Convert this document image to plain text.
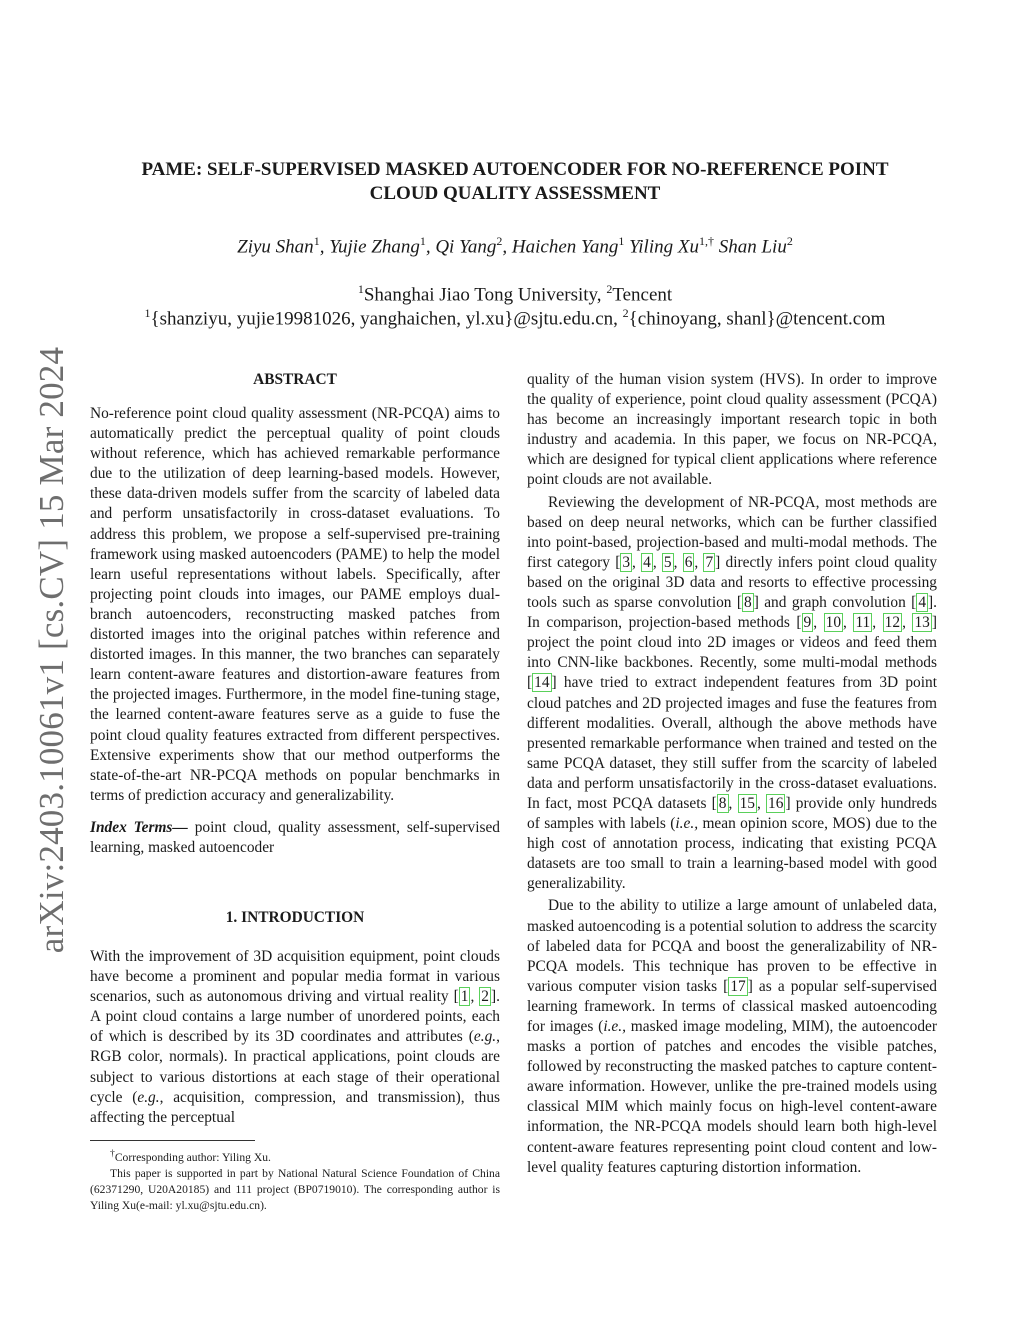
arXiv:2403.10061v1 [cs.CV] 15 Mar 2024
PAME: SELF-SUPERVISED MASKED AUTOENCODER FOR NO-REFERENCE POINT
CLOUD QUALITY ASSESSMENT
Ziyu Shan$^1$, Yujie Zhang$^1$, Qi Yang$^2$, Haichen Yang$^1$ Yiling $Xu^{1,\dagger}$ Shan Liu$^2$
$^1$Shanghai Jiao Tong University, $^2$Tencent
$^1${shanziyu, yujie19981026, yanghaichen, yl.xu}@sjtu.edu.cn, $^2${chinoyang, shanl}@tencent.com
ABSTRACT

No-reference point cloud quality assessment (NR-PCQA) aims to automatically predict the perceptual quality of point clouds without reference, which has achieved remarkable performance due to the utilization of deep learning-based models. However, these data-driven models suffer from the scarcity of labeled data and perform unsatisfactorily in cross-dataset evaluations. To address this problem, we propose a self-supervised pre-training framework using masked autoencoders (PAME) to help the model learn useful representations without labels. Specifically, after projecting point clouds into images, our PAME employs dual-branch autoencoders, reconstructing masked patches from distorted images into the original patches within reference and distorted images. In this manner, the two branches can separately learn content-aware features and distortion-aware features from the projected images. Furthermore, in the model fine-tuning stage, the learned content-aware features serve as a guide to fuse the point cloud quality features extracted from different perspectives. Extensive experiments show that our method outperforms the state-of-the-art NR-PCQA methods on popular benchmarks in terms of prediction accuracy and generalizability.

Index Terms— point cloud, quality assessment, self-supervised learning, masked autoencoder

1. INTRODUCTION

With the improvement of 3D acquisition equipment, point clouds have become a prominent and popular media format in various scenarios, such as autonomous driving and virtual reality [ 1 , 2 ]. A point cloud contains a large number of unordered points, each of which is described by its 3D coordinates and attributes (e.g., RGB color, normals). In practical applications, point clouds are subject to various distortions at each stage of their operational cycle (e.g., acquisition, compression, and transmission), thus affecting the perceptual

†Corresponding author: Yiling Xu.

This paper is supported in part by National Natural Science Foundation of China (62371290, U20A20185) and 111 project (BP0719010). The corresponding author is Yiling Xu(e-mail: yl.xu@sjtu.edu.cn).

quality of the human vision system (HVS). In order to improve the quality of experience, point cloud quality assessment (PCQA) has become an increasingly important research topic in both industry and academia. In this paper, we focus on NR-PCQA, which are designed for typical client applications where reference point clouds are not available.

Reviewing the development of NR-PCQA, most methods are based on deep neural networks, which can be further classified into point-based, projection-based and multi-modal methods. The first category [ 3 , 4 , 5 , 6 , 7 ] directly infers point cloud quality based on the original 3D data and resorts to effective processing tools such as sparse convolution [ 8 ] and graph convolution [ 4 ]. In comparison, projection-based methods [ 9 , 10 , 11 , 12 , 13 ] project the point cloud into 2D images or videos and feed them into CNN-like backbones. Recently, some multi-modal methods [ 14 ] have tried to extract independent features from 3D point cloud patches and 2D projected images and fuse the features from different modalities. Overall, although the above methods have presented remarkable performance when trained and tested on the same PCQA dataset, they still suffer from the scarcity of labeled data and perform unsatisfactorily in the cross-dataset evaluations. In fact, most PCQA datasets [ 8 , 15 , 16 ] provide only hundreds of samples with labels (i.e., mean opinion score, MOS) due to the high cost of annotation process, indicating that existing PCQA datasets are too small to train a learning-based model with good generalizability.

Due to the ability to utilize a large amount of unlabeled data, masked autoencoding is a potential solution to address the scarcity of labeled data for PCQA and boost the generalizability of NR-PCQA models. This technique has proven to be effective in various computer vision tasks [ 17 ] as a popular self-supervised learning framework. In terms of classical masked autoencoding for images (i.e., masked image modeling, MIM), the autoencoder masks a portion of patches and encodes the visible patches, followed by reconstructing the masked patches to capture content-aware information. However, unlike the pre-trained models using classical MIM which mainly focus on high-level content-aware information, the NR-PCQA models should learn both high-level content-aware features representing point cloud content and low-level quality features capturing distortion information.
